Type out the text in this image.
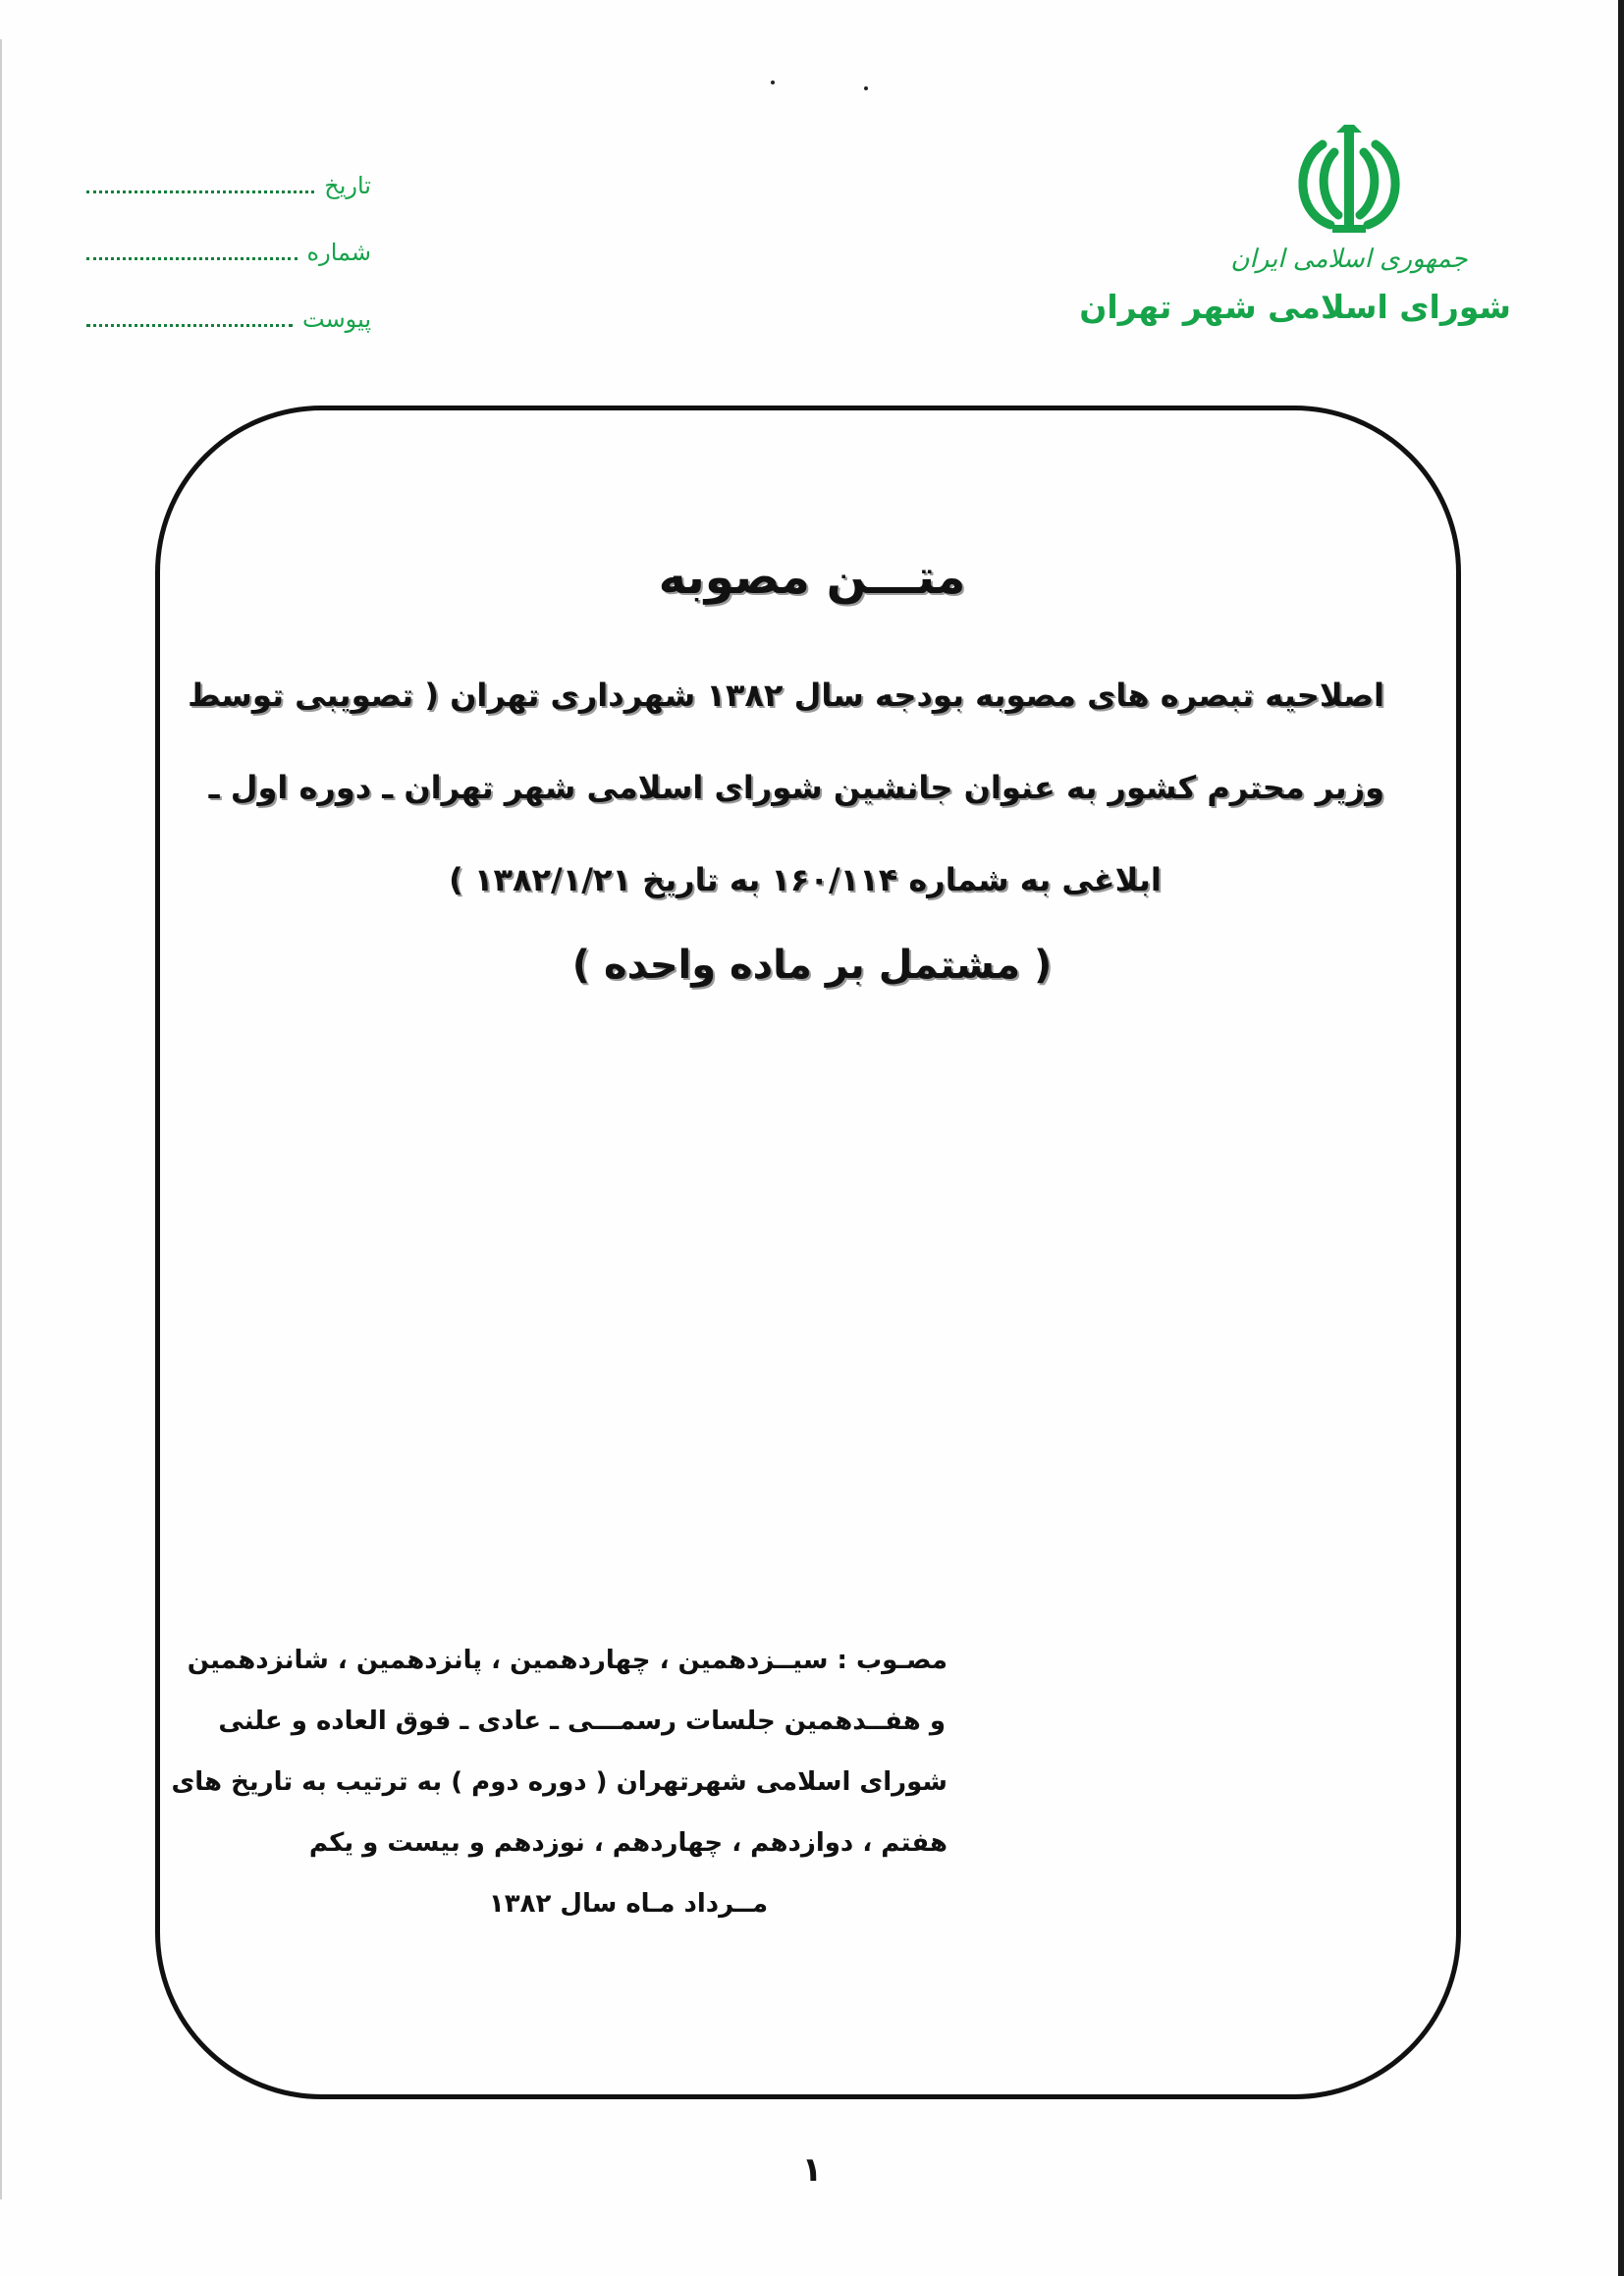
جمهوری اسلامی ایران
شورای اسلامی شهر تهران
تاریخ
شماره
پیوست
متـــن مصوبه
اصلاحیه تبصره های مصوبه بودجه سال ۱۳۸۲ شهرداری تهران ( تصویبی توسط
وزیر محترم کشور به عنوان جانشین شورای اسلامی شهر تهران ـ دوره اول ـ
ابلاغی به شماره ۱۶۰/۱۱۴ به تاریخ ۱۳۸۲/۱/۲۱ )
( مشتمل بر ماده واحده )
مصـوب : سیــزدهمین ، چهاردهمین ، پانزدهمین ، شانزدهمین
و هفــدهمین جلسات رسمـــی ـ عادی ـ فوق العاده و علنی
شورای اسلامی شهرتهران ( دوره دوم ) به ترتیب به تاریخ های
هفتم ، دوازدهم ، چهاردهم ، نوزدهم و بیست و یکم
مــرداد مـاه سال ۱۳۸۲
۱
